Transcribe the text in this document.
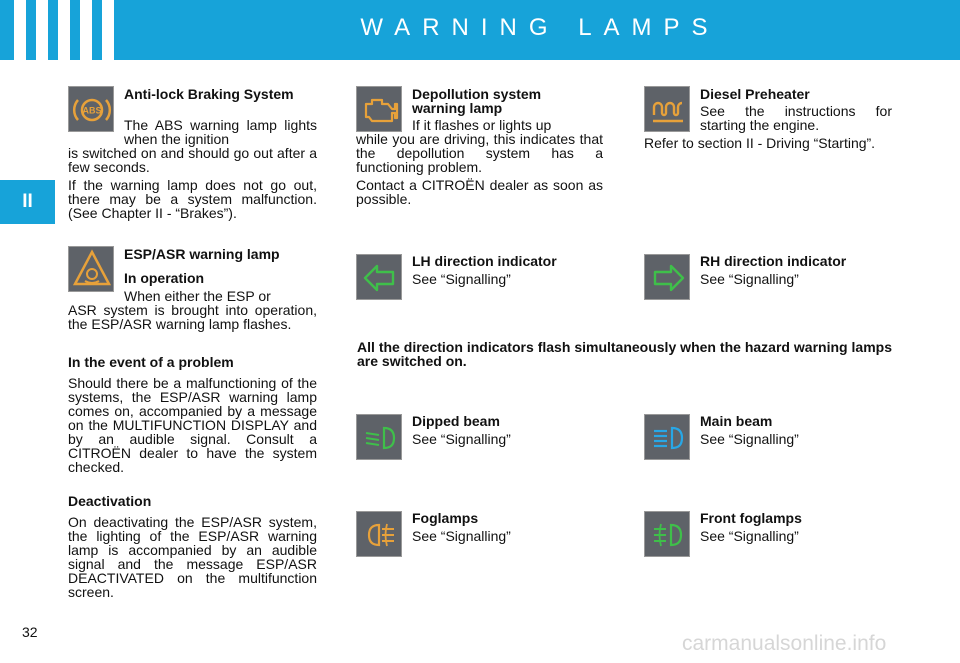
WARNING LAMPS
II
ABS
Anti-lock Braking System
The ABS warning lamp lights when the ignition
is switched on and should go out after a few seconds.
If the warning lamp does not go out, there may be a system malfunction. (See Chapter II - “Brakes”).
ESP/ASR warning lamp
In operation
When either the ESP or
ASR system is brought into operation, the ESP/ASR warning lamp flashes.
In the event of a problem
Should there be a malfunctioning of the systems, the ESP/ASR warning lamp comes on, accompanied by a message on the MULTIFUNCTION DISPLAY and by an audible signal. Consult a CITROËN dealer to have the system checked.
Deactivation
On deactivating the ESP/ASR system, the lighting of the ESP/ASR warning lamp is accompanied by an audible signal and the message ESP/ASR DEACTIVATED on the multifunction screen.
Depollution system warning lamp
If it flashes or lights up
while you are driving, this indicates that the depollution system has a functioning problem.
Contact a CITROËN dealer as soon as possible.
Diesel Preheater
See the instructions for starting the engine.
Refer to section II - Driving “Starting”.
LH direction indicator
See “Signalling”
RH direction indicator
See “Signalling”
All the direction indicators flash simultaneously when the hazard warning lamps are switched on.
Dipped beam
See “Signalling”
Main beam
See “Signalling”
Foglamps
See “Signalling”
Front foglamps
See “Signalling”
32	carmanualsonline.info
